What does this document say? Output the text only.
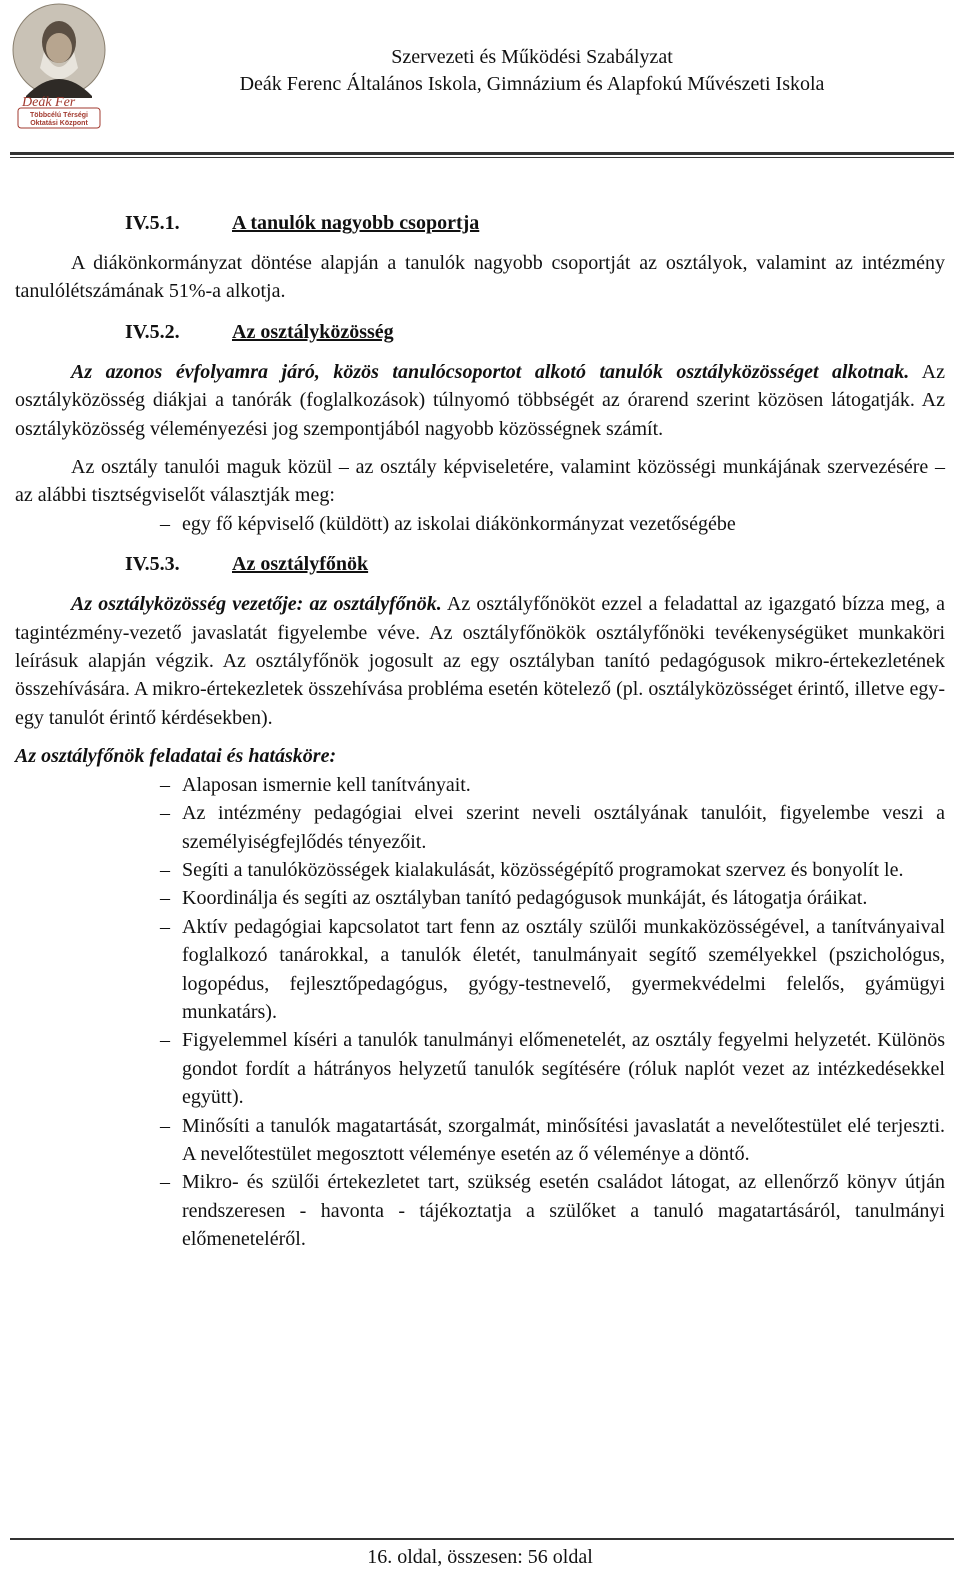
Deák Fer
Többcélú Térségi
Oktatási Központ
Szervezeti és Működési Szabályzat
Deák Ferenc Általános Iskola, Gimnázium és Alapfokú Művészeti Iskola
IV.5.1.	A tanulók nagyobb csoportja

A diákönkormányzat döntése alapján a tanulók nagyobb csoportját az osztályok, valamint az intézmény tanulólétszámának 51%-a alkotja.

IV.5.2.	Az osztályközösség

Az azonos évfolyamra járó, közös tanulócsoportot alkotó tanulók osztályközösséget alkotnak. Az osztályközösség diákjai a tanórák (foglalkozások) túlnyomó többségét az órarend szerint közösen látogatják. Az osztályközösség véleményezési jog szempontjából nagyobb közösségnek számít.

Az osztály tanulói maguk közül – az osztály képviseletére, valamint közösségi munkájának szervezésére – az alábbi tisztségviselőt választják meg:

– egy fő képviselő (küldött) az iskolai diákönkormányzat vezetőségébe
IV.5.3.	Az osztályfőnök

Az osztályközösség vezetője: az osztályfőnök. Az osztályfőnököt ezzel a feladattal az igazgató bízza meg, a tagintézmény-vezető javaslatát figyelembe véve. Az osztályfőnökök osztályfőnöki tevékenységüket munkaköri leírásuk alapján végzik. Az osztályfőnök jogosult az egy osztályban tanító pedagógusok mikro-értekezletének összehívására. A mikro-értekezletek összehívása probléma esetén kötelező (pl. osztályközösséget érintő, illetve egy-egy tanulót érintő kérdésekben).

Az osztályfőnök feladatai és hatásköre:

– Alaposan ismernie kell tanítványait.
– Az intézmény pedagógiai elvei szerint neveli osztályának tanulóit, figyelembe veszi a személyiségfejlődés tényezőit.
– Segíti a tanulóközösségek kialakulását, közösségépítő programokat szervez és bonyolít le.
– Koordinálja és segíti az osztályban tanító pedagógusok munkáját, és látogatja óráikat.
– Aktív pedagógiai kapcsolatot tart fenn az osztály szülői munkaközösségével, a tanítványaival foglalkozó tanárokkal, a tanulók életét, tanulmányait segítő személyekkel (pszichológus, logopédus, fejlesztőpedagógus, gyógy-testnevelő, gyermekvédelmi felelős, gyámügyi munkatárs).
– Figyelemmel kíséri a tanulók tanulmányi előmenetelét, az osztály fegyelmi helyzetét. Különös gondot fordít a hátrányos helyzetű tanulók segítésére (róluk naplót vezet az intézkedésekkel együtt).
– Minősíti a tanulók magatartását, szorgalmát, minősítési javaslatát a nevelőtestület elé terjeszti. A nevelőtestület megosztott véleménye esetén az ő véleménye a döntő.
– Mikro- és szülői értekezletet tart, szükség esetén családot látogat, az ellenőrző könyv útján rendszeresen - havonta - tájékoztatja a szülőket a tanuló magatartásáról, tanulmányi előmeneteléről.
16. oldal, összesen: 56 oldal
